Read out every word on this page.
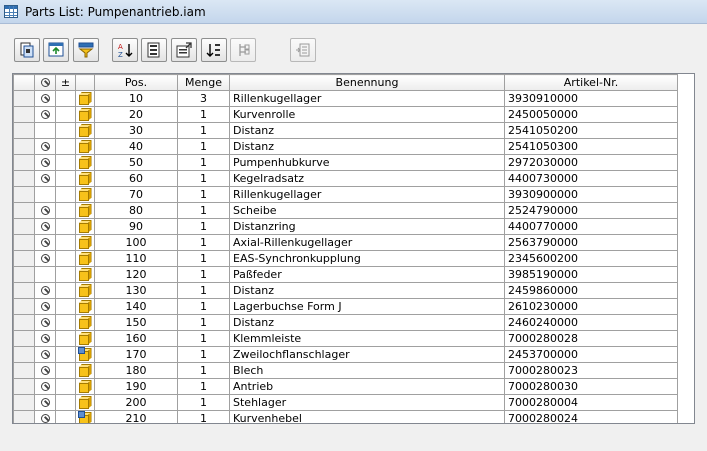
Parts List: Pumpenantrieb.iam
A
Z
		±		Pos.	Menge	Benennung	Artikel-Nr.

	10	3	Rillenkugellager	3930910000

	20	1	Kurvenrolle	2450050000

	30	1	Distanz	2541050200

	40	1	Distanz	2541050300

	50	1	Pumpenhubkurve	2972030000

	60	1	Kegelradsatz	4400730000

	70	1	Rillenkugellager	3930900000

	80	1	Scheibe	2524790000

	90	1	Distanzring	4400770000

	100	1	Axial-Rillenkugellager	2563790000

	110	1	EAS-Synchronkupplung	2345600200

	120	1	Paßfeder	3985190000

	130	1	Distanz	2459860000

	140	1	Lagerbuchse Form J	2610230000

	150	1	Distanz	2460240000

	160	1	Klemmleiste	7000280028

	170	1	Zweilochflanschlager	2453700000

	180	1	Blech	7000280023

	190	1	Antrieb	7000280030

	200	1	Stehlager	7000280004

	210	1	Kurvenhebel	7000280024
